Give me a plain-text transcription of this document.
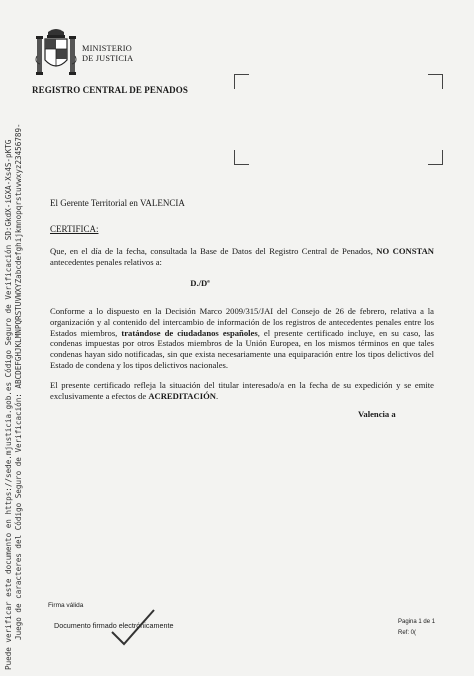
Puede verificar este documento en https://sede.mjusticia.gob.es Código Seguro de Verificación SD:GkdX-iGXA-Xs4S-pKTG Juego de caracteres del Código Seguro de Verificación: ABCDEFGHJKLMNPQRSTUVWXYZabcdefghijkmnopqrstuvwxyz23456789-
MINISTERIO
DE JUSTICIA
REGISTRO CENTRAL DE PENADOS
El Gerente Territorial en VALENCIA
CERTIFICA:
Que, en el día de la fecha, consultada la Base de Datos del Registro Central de Penados, NO CONSTAN antecedentes penales relativos a:
D./Dª
Conforme a lo dispuesto en la Decisión Marco 2009/315/JAI del Consejo de 26 de febrero, relativa a la organización y al contenido del intercambio de información de los registros de antecedentes penales entre los Estados miembros, tratándose de ciudadanos españoles, el presente certificado incluye, en su caso, las condenas impuestas por otros Estados miembros de la Unión Europea, en los mismos términos en que tales condenas hayan sido notificadas, sin que exista necesariamente una equiparación entre los tipos delictivos del Estado de condena y los tipos delictivos nacionales.
El presente certificado refleja la situación del titular interesado/a en la fecha de su expedición y se emite exclusivamente a efectos de ACREDITACIÓN.
Valencia a
Firma válida
Documento firmado electrónicamente	Pagina 1 de 1
Ref: 0(
